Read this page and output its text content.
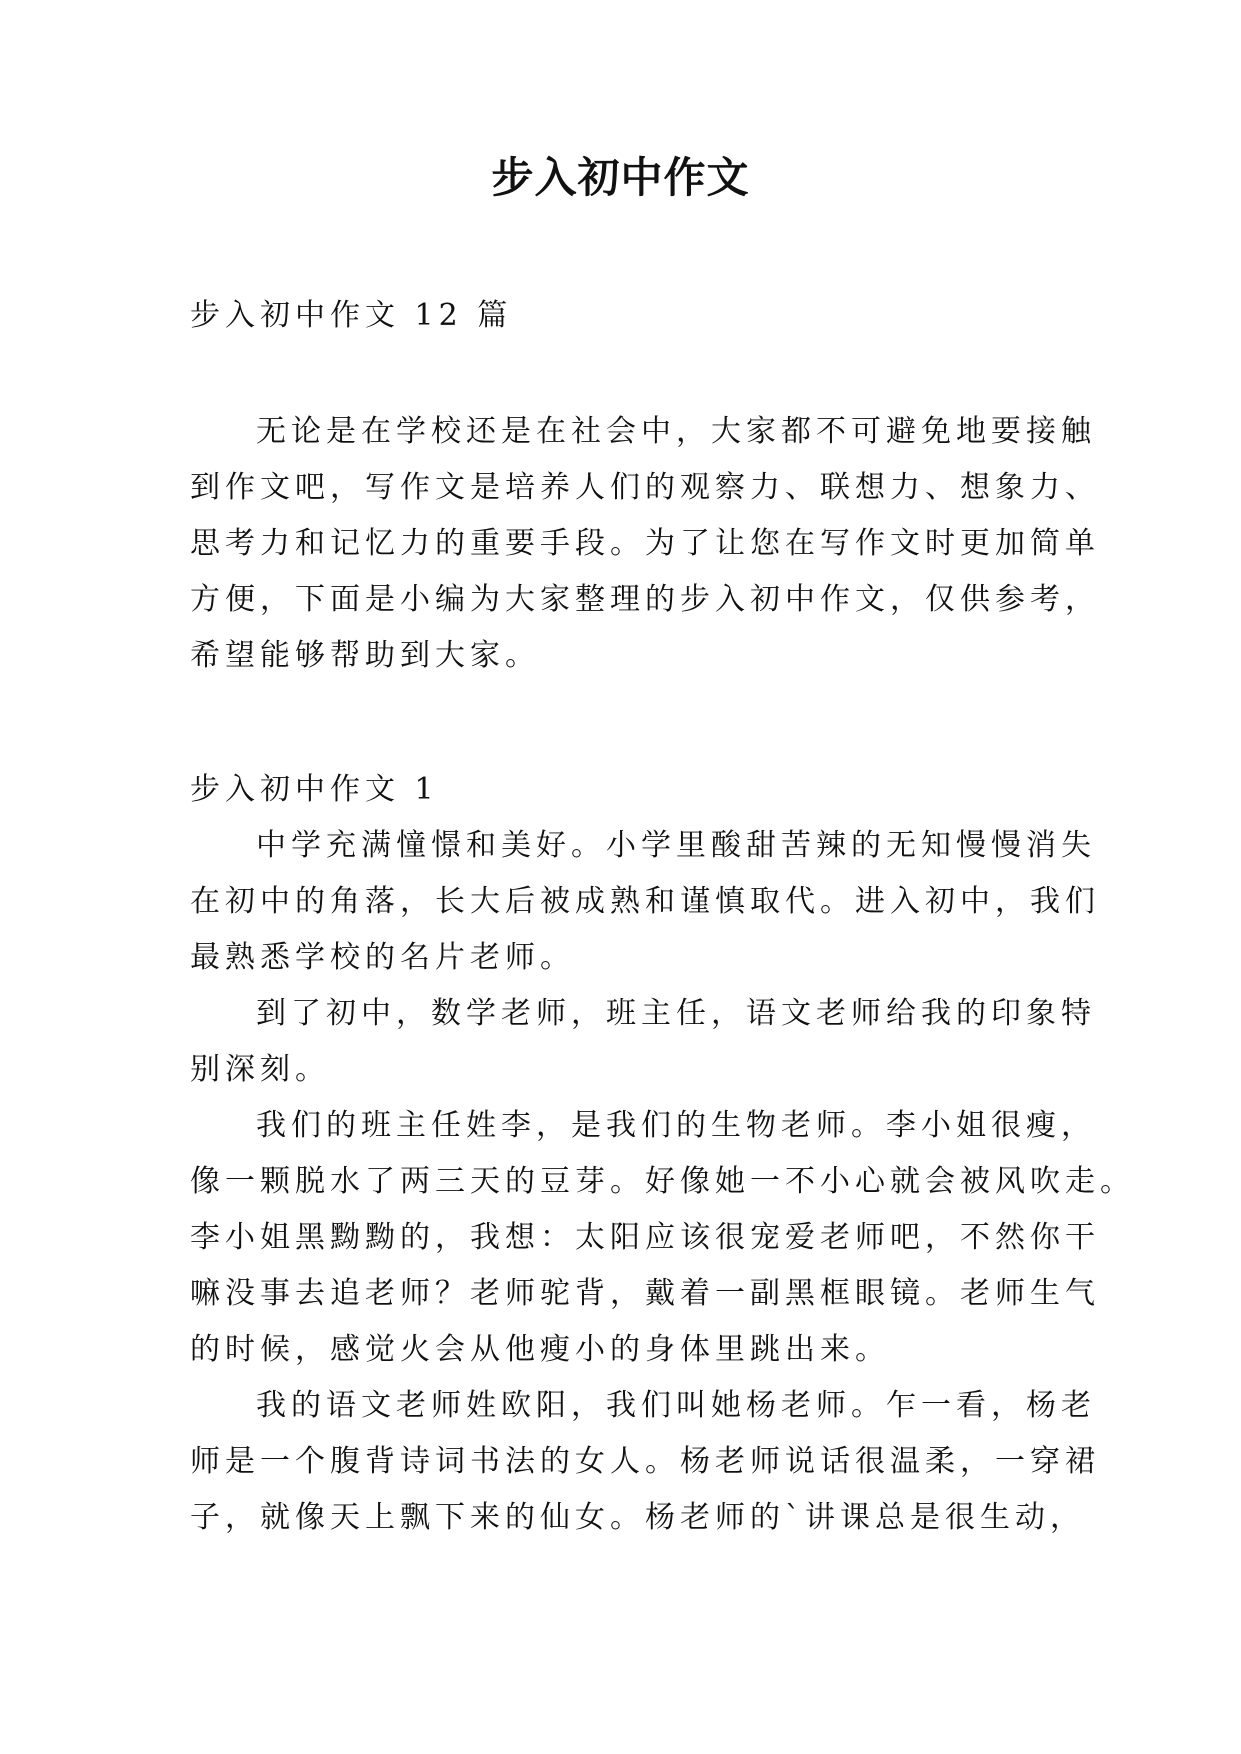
步入初中作文
步入初中作文 12 篇
无论是在学校还是在社会中，大家都不可避免地要接触
到作文吧，写作文是培养人们的观察力、联想力、想象力、
思考力和记忆力的重要手段。为了让您在写作文时更加简单
方便，下面是小编为大家整理的步入初中作文，仅供参考，
希望能够帮助到大家。
步入初中作文 1
中学充满憧憬和美好。小学里酸甜苦辣的无知慢慢消失
在初中的角落，长大后被成熟和谨慎取代。进入初中，我们
最熟悉学校的名片老师。
到了初中，数学老师，班主任，语文老师给我的印象特
别深刻。
我们的班主任姓李，是我们的生物老师。李小姐很瘦，
像一颗脱水了两三天的豆芽。好像她一不小心就会被风吹走。
李小姐黑黝黝的，我想：太阳应该很宠爱老师吧，不然你干
嘛没事去追老师？老师驼背，戴着一副黑框眼镜。老师生气
的时候，感觉火会从他瘦小的身体里跳出来。
我的语文老师姓欧阳，我们叫她杨老师。乍一看，杨老
师是一个腹背诗词书法的女人。杨老师说话很温柔，一穿裙
子，就像天上飘下来的仙女。杨老师的`讲课总是很生动，
